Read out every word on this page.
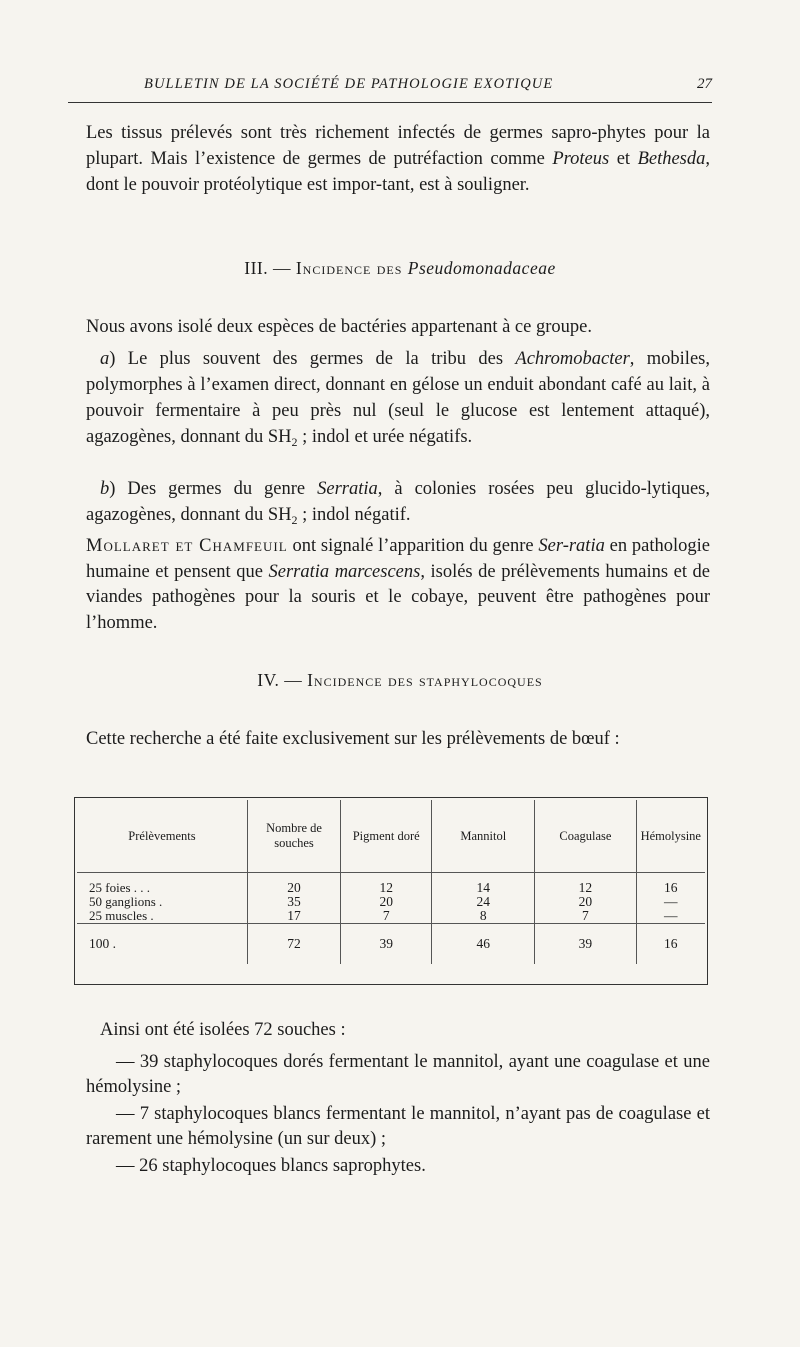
BULLETIN DE LA SOCIÉTÉ DE PATHOLOGIE EXOTIQUE	27
Les tissus prélevés sont très richement infectés de germes sapro-phytes pour la plupart. Mais l’existence de germes de putréfaction comme Proteus et Bethesda, dont le pouvoir protéolytique est impor-tant, est à souligner.
III. — Incidence des Pseudomonadaceae
Nous avons isolé deux espèces de bactéries appartenant à ce groupe.
a) Le plus souvent des germes de la tribu des Achromobacter, mobiles, polymorphes à l’examen direct, donnant en gélose un enduit abondant café au lait, à pouvoir fermentaire à peu près nul (seul le glucose est lentement attaqué), agazogènes, donnant du $SH_2$ ; indol et urée négatifs.
b) Des germes du genre Serratia, à colonies rosées peu glucido-lytiques, agazogènes, donnant du $SH_2$ ; indol négatif.
Mollaret et Chamfeuil ont signalé l’apparition du genre Ser-ratia en pathologie humaine et pensent que Serratia marcescens, isolés de prélèvements humains et de viandes pathogènes pour la souris et le cobaye, peuvent être pathogènes pour l’homme.
IV. — Incidence des staphylocoques
Cette recherche a été faite exclusivement sur les prélèvements de bœuf :
Prélèvements	Nombre de souches	Pigment doré	Mannitol	Coagulase	Hémolysine

25 foies . . .	20	12	14	12	16
50 ganglions .	35	20	24	20	—
25 muscles .	17	7	8	7	—
100 .	72	39	46	39	16
Ainsi ont été isolées 72 souches :
— 39 staphylocoques dorés fermentant le mannitol, ayant une coagulase et une hémolysine ;
— 7 staphylocoques blancs fermentant le mannitol, n’ayant pas de coagulase et rarement une hémolysine (un sur deux) ;
— 26 staphylocoques blancs saprophytes.
